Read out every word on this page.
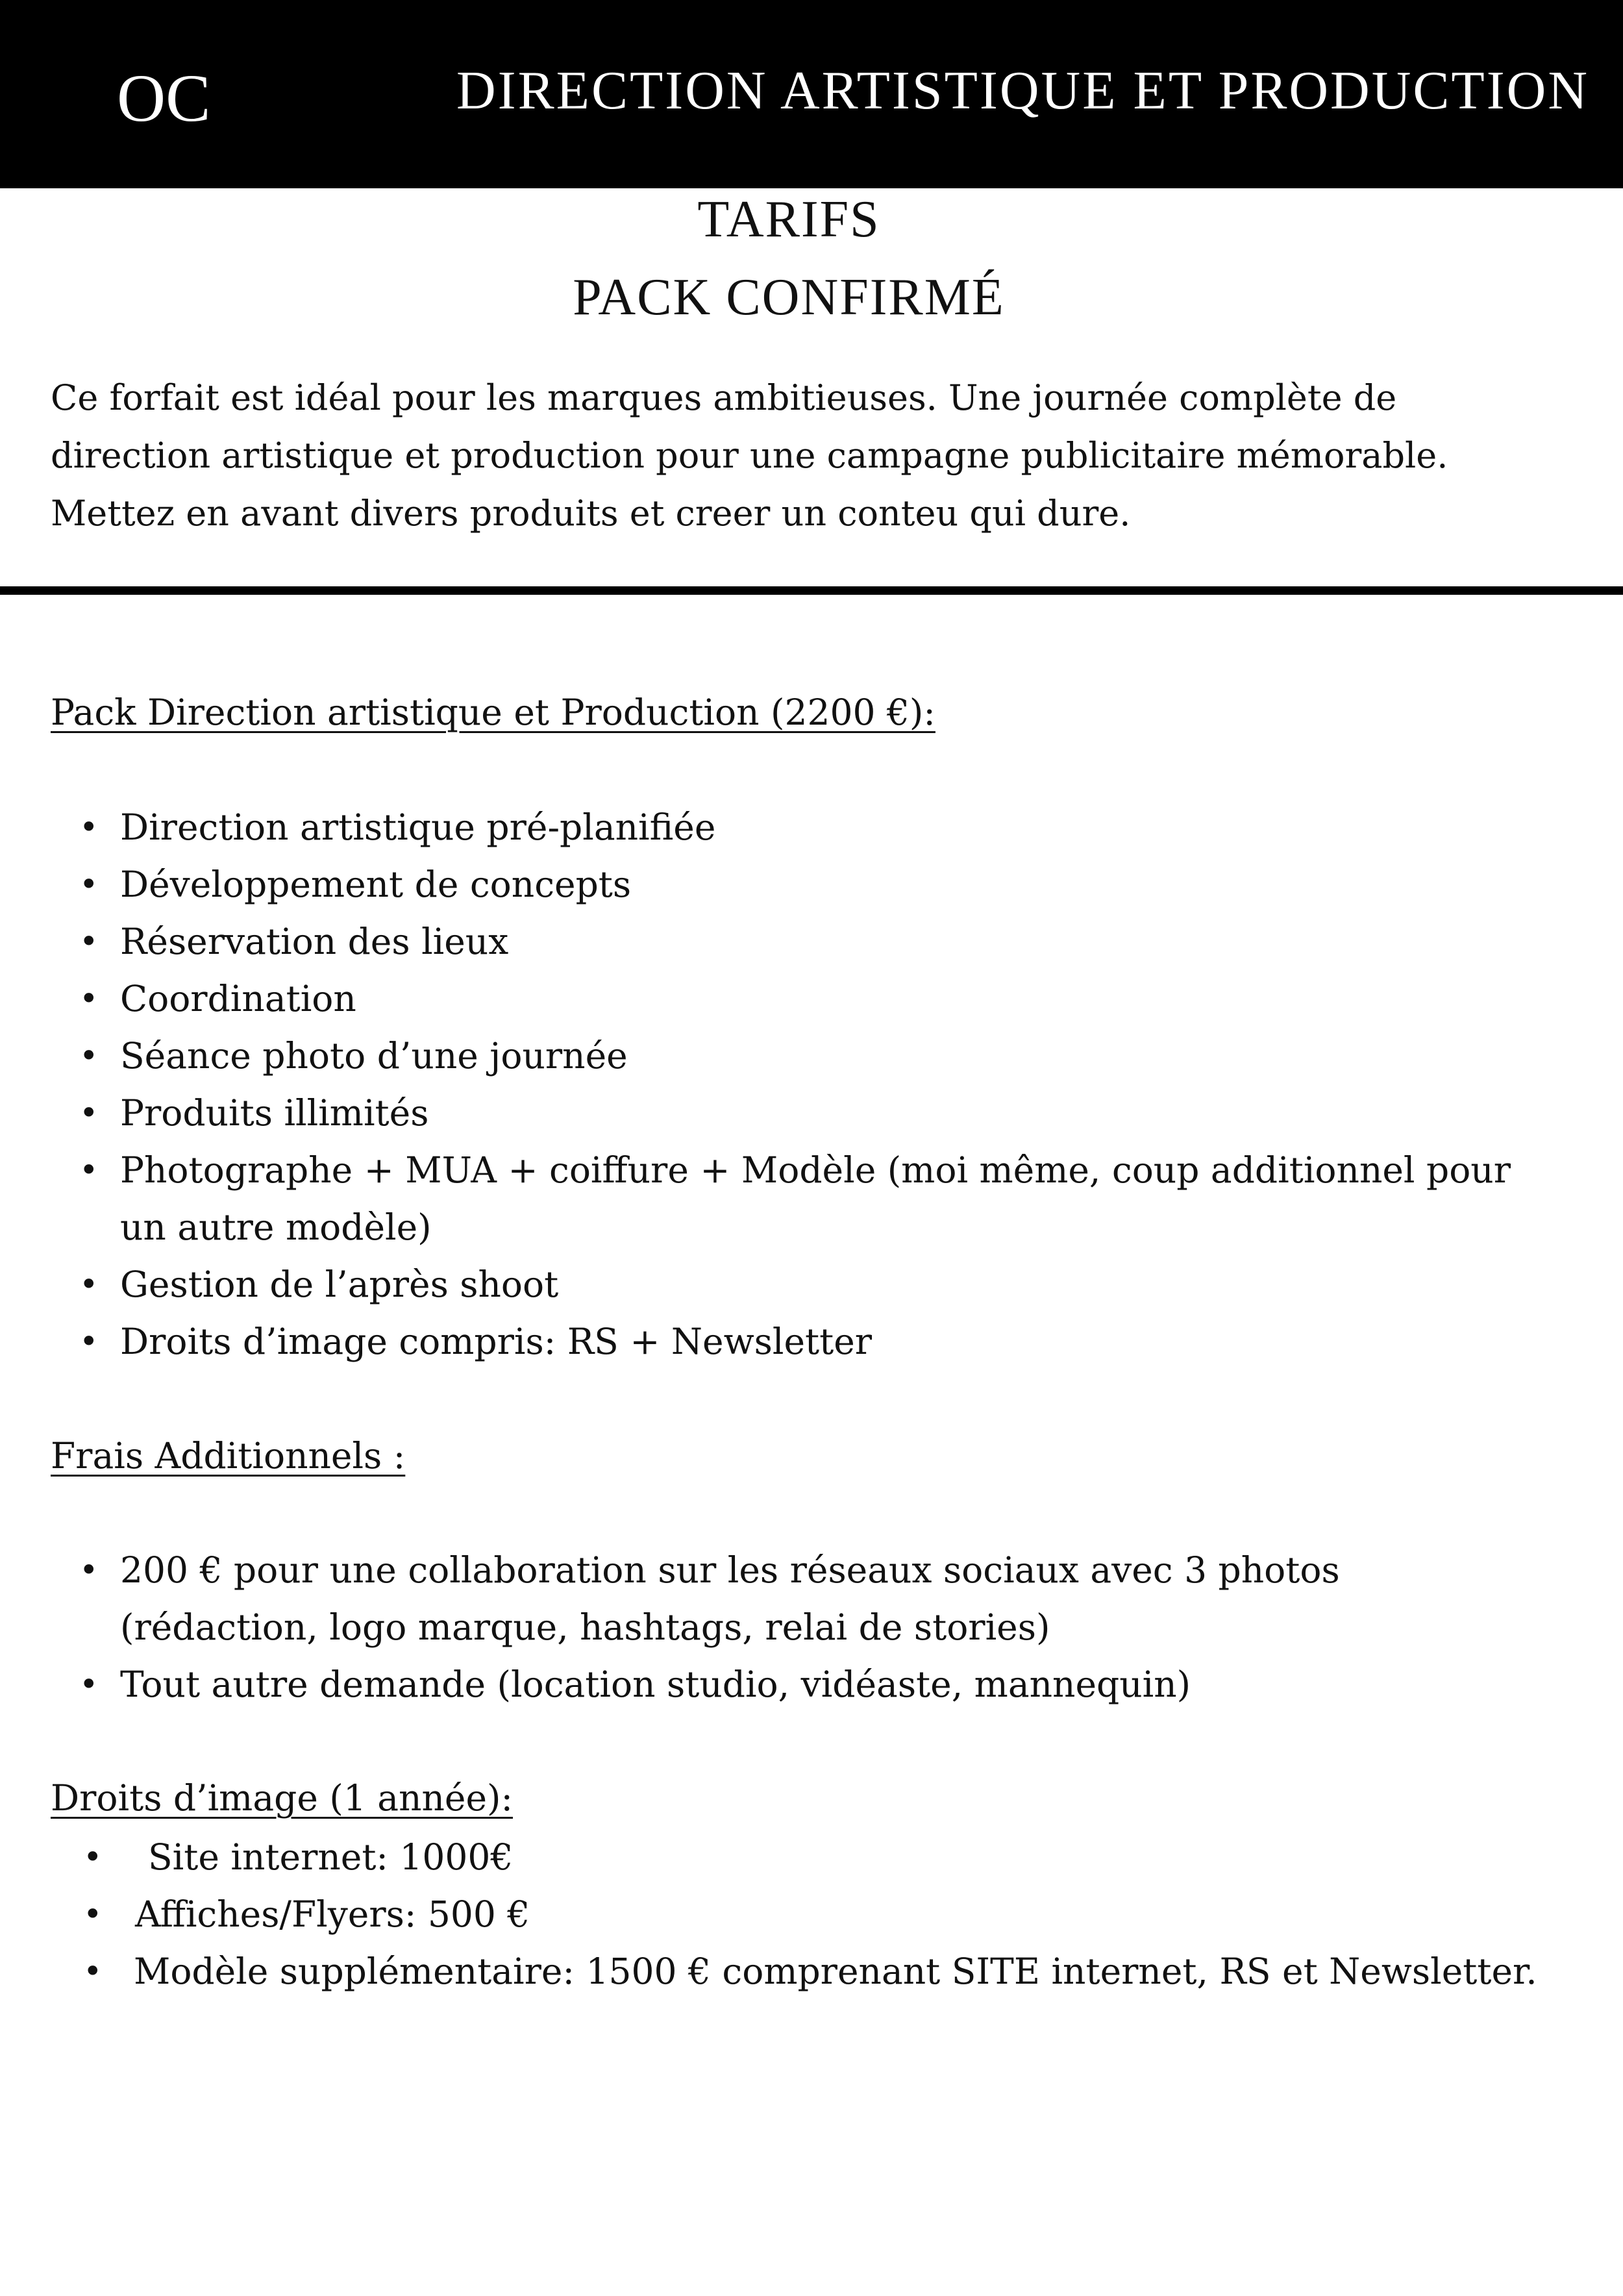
OC	DIRECTION ARTISTIQUE ET PRODUCTION
TARIFS
PACK CONFIRMÉ
Ce forfait est idéal pour les marques ambitieuses. Une journée complète de
direction artistique et production pour une campagne publicitaire mémorable.
Mettez en avant divers produits et creer un conteu qui dure.
Pack Direction artistique et Production (2200 €):
• Direction artistique pré-planifiée
• Développement de concepts
• Réservation des lieux
• Coordination
• Séance photo d’une journée
• Produits illimités
• Photographe + MUA + coiffure + Modèle (moi même, coup additionnel pour
un autre modèle)
• Gestion de l’après shoot
• Droits d’image compris: RS + Newsletter
Frais Additionnels :
• 200 € pour une collaboration sur les réseaux sociaux avec 3 photos
(rédaction, logo marque, hashtags, relai de stories)
• Tout autre demande (location studio, vidéaste, mannequin)
Droits d’image (1 année):
• Site internet: 1000€
• Affiches/Flyers: 500 €
• Modèle supplémentaire: 1500 € comprenant SITE internet, RS et Newsletter.
